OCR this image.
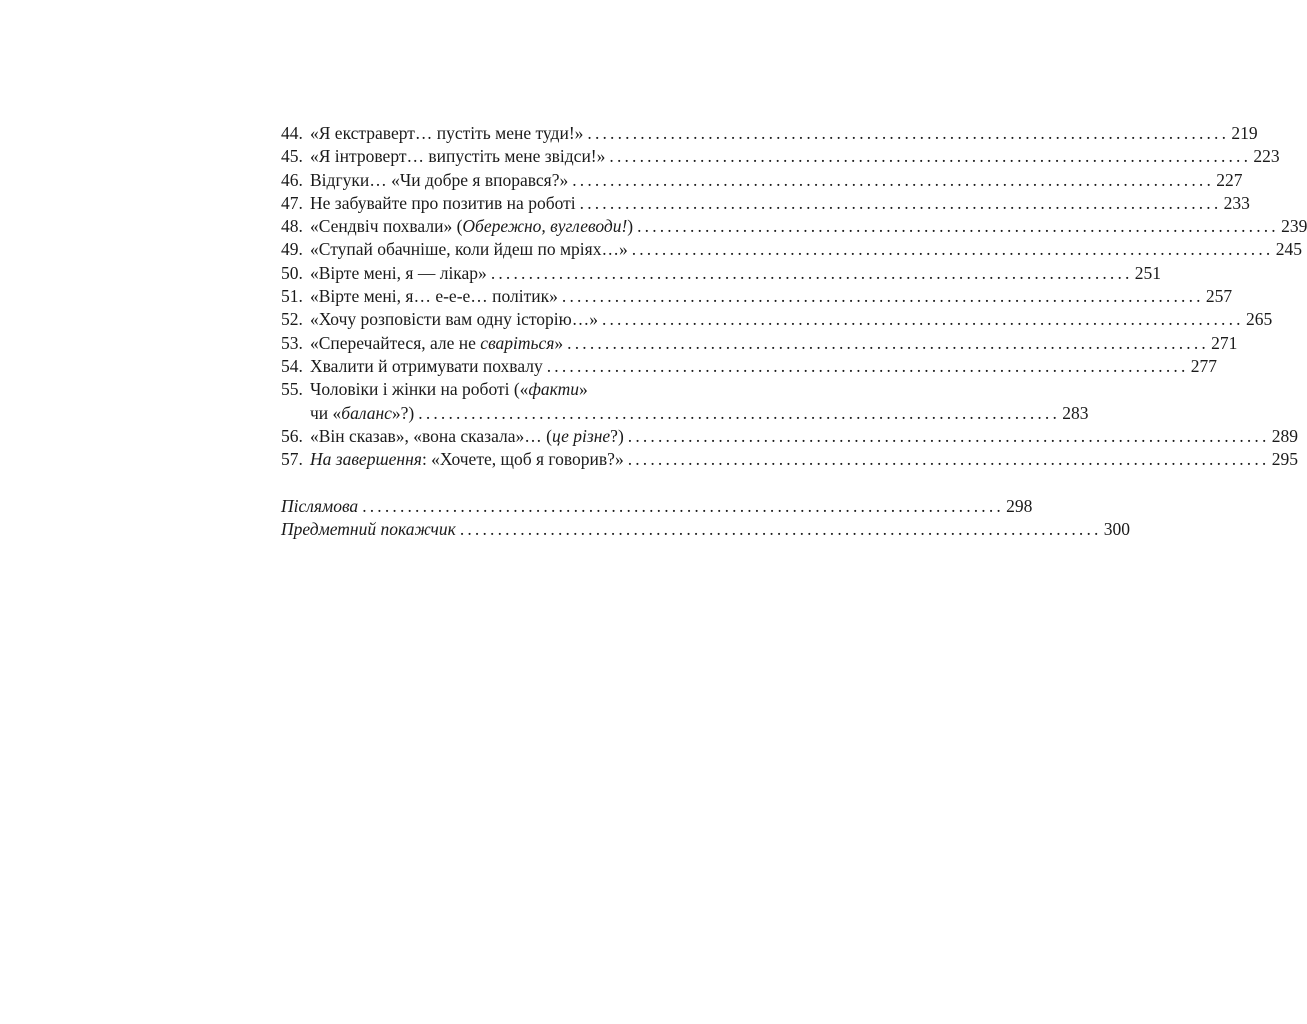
44. «Я екстраверт… пустіть мене туди!» . . .	219
45. «Я інтроверт… випустіть мене звідси!» . . .	223
46. Відгуки… «Чи добре я впорався?» . . .	227
47. Не забувайте про позитив на роботі . . .	233
48. «Сендвіч похвали» (Обережно, вуглеводи!) . . .	239
49. «Ступай обачніше, коли йдеш по мріях…» . . .	245
50. «Вірте мені, я — лікар» . . .	251
51. «Вірте мені, я… е-е-е… політик» . . .	257
52. «Хочу розповісти вам одну історію…» . . .	265
53. «Сперечайтеся, але не сваріться» . . .	271
54. Хвалити й отримувати похвалу . . .	277
55. Чоловіки і жінки на роботі («факти»
чи «баланс»?) . . .	283
56. «Він сказав», «вона сказала»… (це різне?) . . .	289
57. На завершення: «Хочете, щоб я говорив?» . . .	295
Післямова . . .	298
Предметний покажчик . . .	300
